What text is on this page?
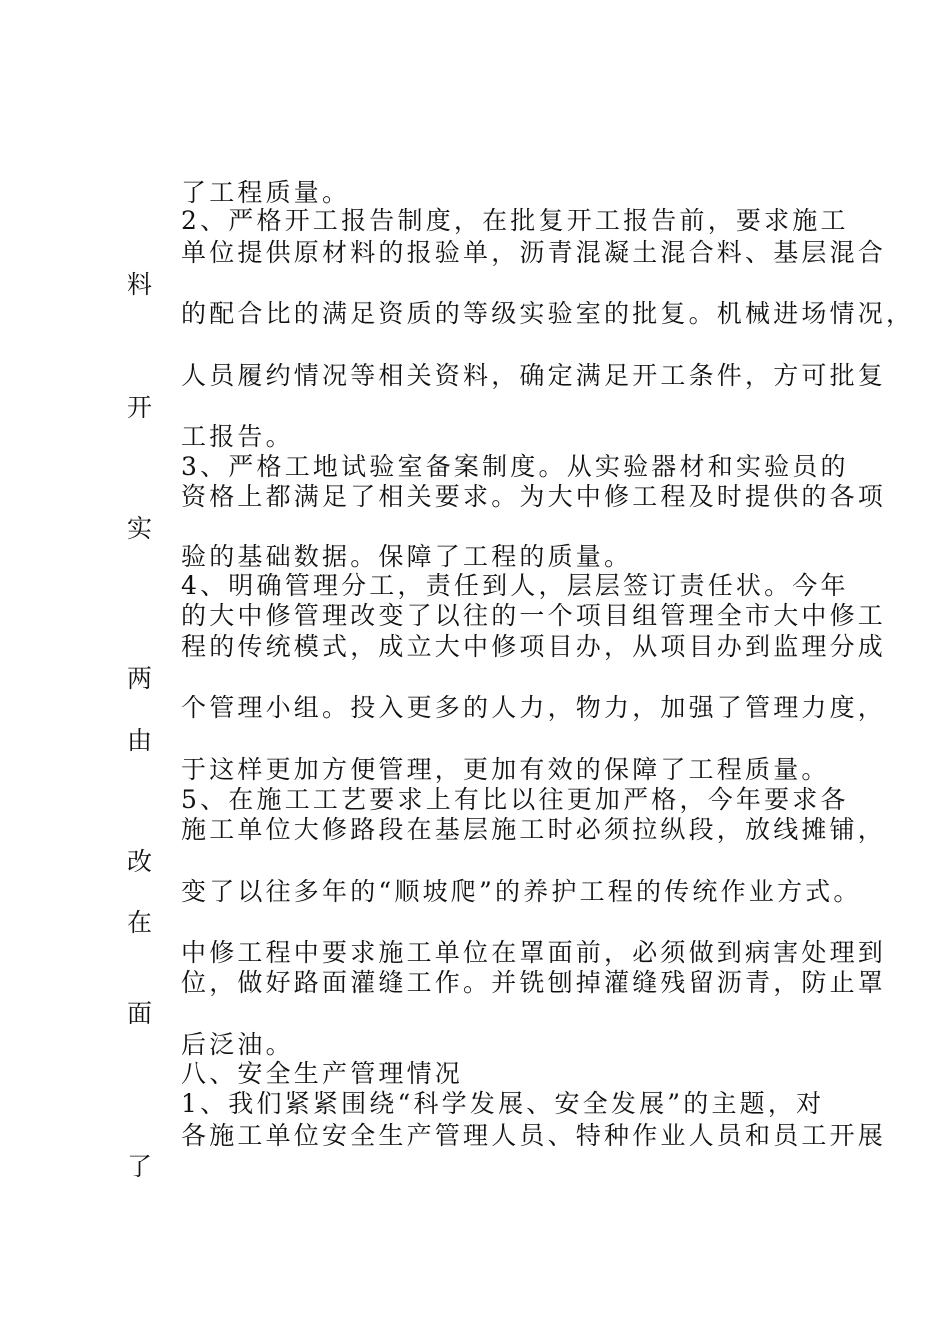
了工程质量。
2、严格开工报告制度，在批复开工报告前，要求施工
单位提供原材料的报验单，沥青混凝土混合料、基层混合
料
的配合比的满足资质的等级实验室的批复。机械进场情况，
人员履约情况等相关资料，确定满足开工条件，方可批复
开
工报告。
3、严格工地试验室备案制度。从实验器材和实验员的
资格上都满足了相关要求。为大中修工程及时提供的各项
实
验的基础数据。保障了工程的质量。
4、明确管理分工，责任到人，层层签订责任状。今年
的大中修管理改变了以往的一个项目组管理全市大中修工
程的传统模式，成立大中修项目办，从项目办到监理分成
两
个管理小组。投入更多的人力，物力，加强了管理力度，
由
于这样更加方便管理，更加有效的保障了工程质量。
5、在施工工艺要求上有比以往更加严格，今年要求各
施工单位大修路段在基层施工时必须拉纵段，放线摊铺，
改
变了以往多年的“顺坡爬”的养护工程的传统作业方式。
在
中修工程中要求施工单位在罩面前，必须做到病害处理到
位，做好路面灌缝工作。并铣刨掉灌缝残留沥青，防止罩
面
后泛油。
八、安全生产管理情况
1、我们紧紧围绕“科学发展、安全发展”的主题，对
各施工单位安全生产管理人员、特种作业人员和员工开展
了
